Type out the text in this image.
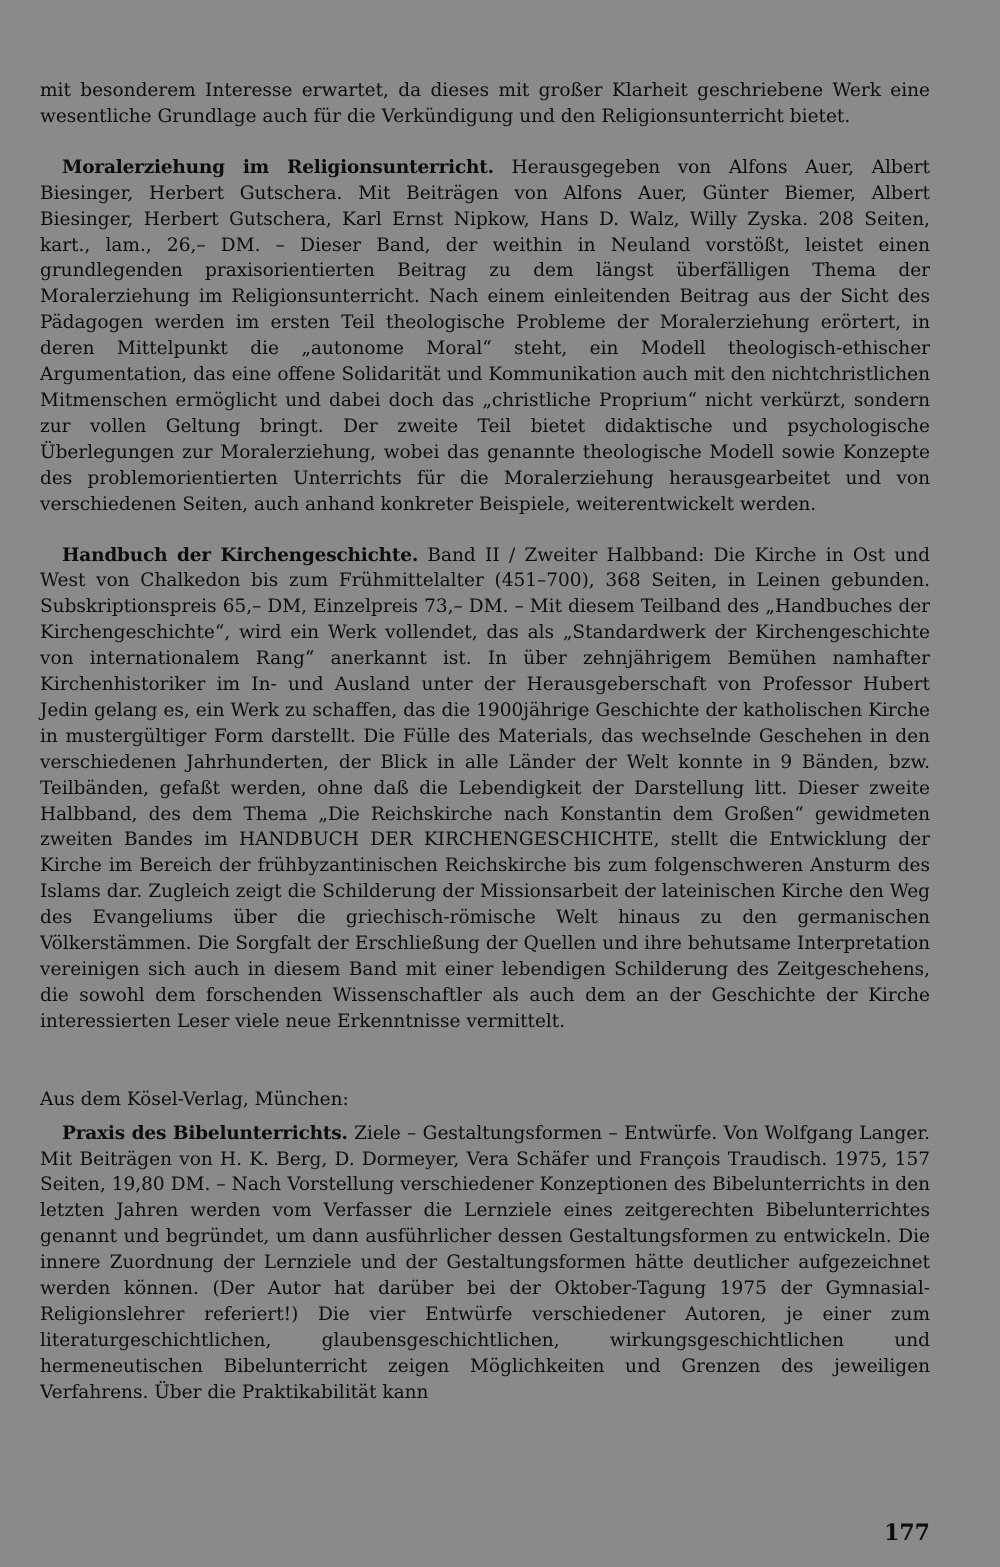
mit besonderem Interesse erwartet, da dieses mit großer Klarheit geschriebene Werk eine wesentliche Grundlage auch für die Verkündigung und den Religionsunterricht bietet.

Moralerziehung im Religionsunterricht. Herausgegeben von Alfons Auer, Albert Biesinger, Herbert Gutschera. Mit Beiträgen von Alfons Auer, Günter Biemer, Albert Biesinger, Herbert Gutschera, Karl Ernst Nipkow, Hans D. Walz, Willy Zyska. 208 Seiten, kart., lam., 26,– DM. – Dieser Band, der weithin in Neuland vorstößt, leistet einen grundlegenden praxisorientierten Beitrag zu dem längst überfälligen Thema der Moralerziehung im Religionsunterricht. Nach einem einleitenden Beitrag aus der Sicht des Pädagogen werden im ersten Teil theologische Probleme der Moralerziehung erörtert, in deren Mittelpunkt die „autonome Moral“ steht, ein Modell theologisch-ethischer Argumentation, das eine offene Solidarität und Kommunikation auch mit den nichtchristlichen Mitmenschen ermöglicht und dabei doch das „christliche Proprium“ nicht verkürzt, sondern zur vollen Geltung bringt. Der zweite Teil bietet didaktische und psychologische Überlegungen zur Moralerziehung, wobei das genannte theologische Modell sowie Konzepte des problemorientierten Unterrichts für die Moralerziehung herausgearbeitet und von verschiedenen Seiten, auch anhand konkreter Beispiele, weiterentwickelt werden.

Handbuch der Kirchengeschichte. Band II / Zweiter Halbband: Die Kirche in Ost und West von Chalkedon bis zum Frühmittelalter (451–700), 368 Seiten, in Leinen gebunden. Subskriptionspreis 65,– DM, Einzelpreis 73,– DM. – Mit diesem Teilband des „Handbuches der Kirchengeschichte“, wird ein Werk vollendet, das als „Standardwerk der Kirchengeschichte von internationalem Rang“ anerkannt ist. In über zehnjährigem Bemühen namhafter Kirchenhistoriker im In- und Ausland unter der Herausgeberschaft von Professor Hubert Jedin gelang es, ein Werk zu schaffen, das die 1900jährige Geschichte der katholischen Kirche in mustergültiger Form darstellt. Die Fülle des Materials, das wechselnde Geschehen in den verschiedenen Jahrhunderten, der Blick in alle Länder der Welt konnte in 9 Bänden, bzw. Teilbänden, gefaßt werden, ohne daß die Lebendigkeit der Darstellung litt. Dieser zweite Halbband, des dem Thema „Die Reichskirche nach Konstantin dem Großen“ gewidmeten zweiten Bandes im HANDBUCH DER KIRCHENGESCHICHTE, stellt die Entwicklung der Kirche im Bereich der frühbyzantinischen Reichskirche bis zum folgenschweren Ansturm des Islams dar. Zugleich zeigt die Schilderung der Missionsarbeit der lateinischen Kirche den Weg des Evangeliums über die griechisch-römische Welt hinaus zu den germanischen Völkerstämmen. Die Sorgfalt der Erschließung der Quellen und ihre behutsame Interpretation vereinigen sich auch in diesem Band mit einer lebendigen Schilderung des Zeitgeschehens, die sowohl dem forschenden Wissenschaftler als auch dem an der Geschichte der Kirche interessierten Leser viele neue Erkenntnisse vermittelt.

Aus dem Kösel-Verlag, München:

Praxis des Bibelunterrichts. Ziele – Gestaltungsformen – Entwürfe. Von Wolfgang Langer. Mit Beiträgen von H. K. Berg, D. Dormeyer, Vera Schäfer und François Traudisch. 1975, 157 Seiten, 19,80 DM. – Nach Vorstellung verschiedener Konzeptionen des Bibelunterrichts in den letzten Jahren werden vom Verfasser die Lernziele eines zeitgerechten Bibelunterrichtes genannt und begründet, um dann ausführlicher dessen Gestaltungsformen zu entwickeln. Die innere Zuordnung der Lernziele und der Gestaltungsformen hätte deutlicher aufgezeichnet werden können. (Der Autor hat darüber bei der Oktober-Tagung 1975 der Gymnasial-Religionslehrer referiert!) Die vier Entwürfe verschiedener Autoren, je einer zum literaturgeschichtlichen, glaubensgeschichtlichen, wirkungsgeschichtlichen und hermeneutischen Bibelunterricht zeigen Möglichkeiten und Grenzen des jeweiligen Verfahrens. Über die Praktikabilität kann

177
